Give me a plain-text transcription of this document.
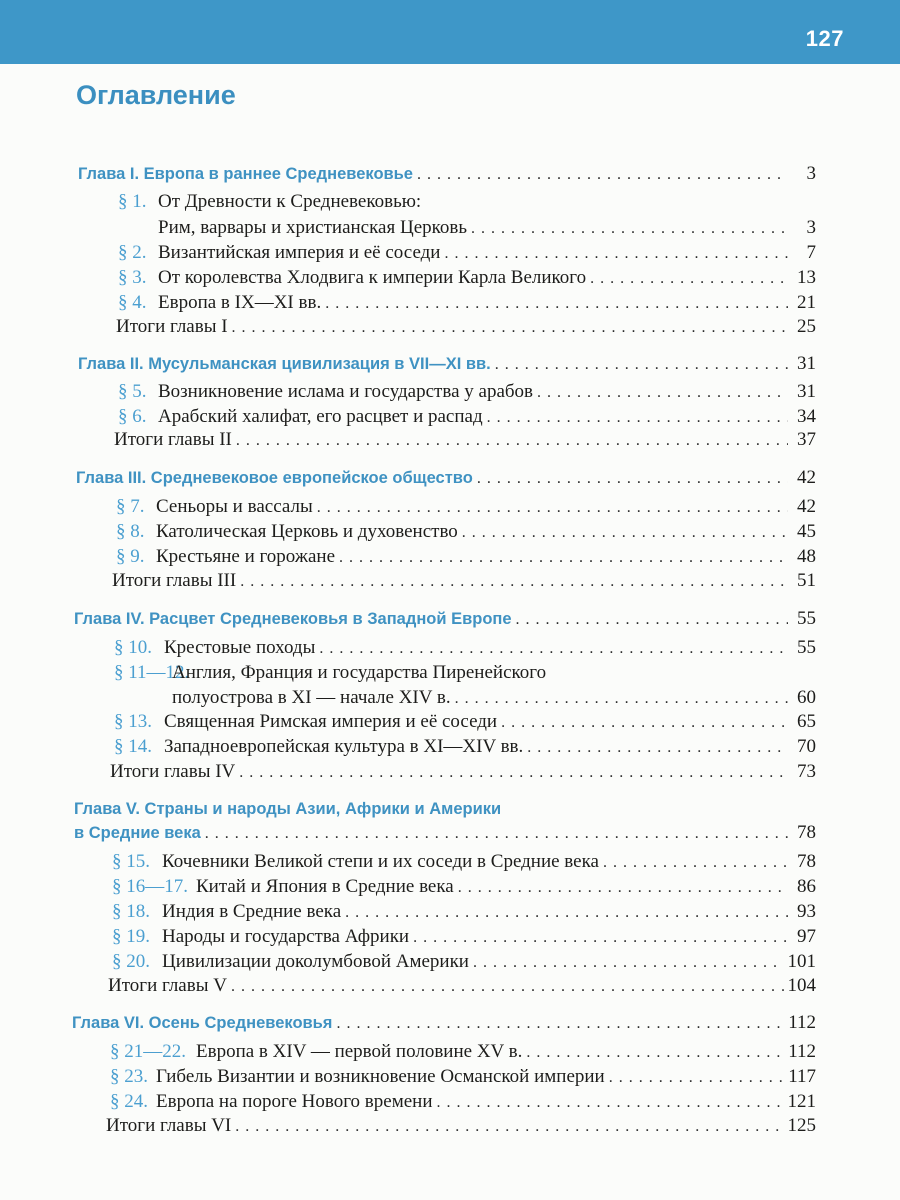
127
Оглавление
Глава I. Европа в раннее Средневековье . . .	3
§ 1. От Древности к Средневековью:
Рим, варвары и христианская Церковь . . .	3
§ 2. Византийская империя и её соседи . . .	7
§ 3. От королевства Хлодвига к империи Карла Великого . . .	13
§ 4. Европа в IX—XI вв. . . .	21
Итоги главы I . . .	25
Глава II. Мусульманская цивилизация в VII—XI вв. . . .	31
§ 5. Возникновение ислама и государства у арабов . . .	31
§ 6. Арабский халифат, его расцвет и распад . . .	34
Итоги главы II . . .	37
Глава III. Средневековое европейское общество . . .	42
§ 7. Сеньоры и вассалы . . .	42
§ 8. Католическая Церковь и духовенство . . .	45
§ 9. Крестьяне и горожане . . .	48
Итоги главы III . . .	51
Глава IV. Расцвет Средневековья в Западной Европе . . .	55
§ 10. Крестовые походы . . .	55
§ 11—12.
Англия, Франция и государства Пиренейского
полуострова в XI — начале XIV в. . . .	60
§ 13. Священная Римская империя и её соседи . . .	65
§ 14. Западноевропейская культура в XI—XIV вв. . . .	70
Итоги главы IV . . .	73
Глава V. Страны и народы Азии, Африки и Америки
в Средние века . . .	78
§ 15. Кочевники Великой степи и их соседи в Средние века . . .	78
§ 16—17. Китай и Япония в Средние века . . .	86
§ 18. Индия в Средние века . . .	93
§ 19. Народы и государства Африки . . .	97
§ 20. Цивилизации доколумбовой Америки . . .	101
Итоги главы V . . .	104
Глава VI. Осень Средневековья . . .	112
§ 21—22. Европа в XIV — первой половине XV в. . . .	112
§ 23. Гибель Византии и возникновение Османской империи . . .	117
§ 24. Европа на пороге Нового времени . . .	121
Итоги главы VI . . .	125
